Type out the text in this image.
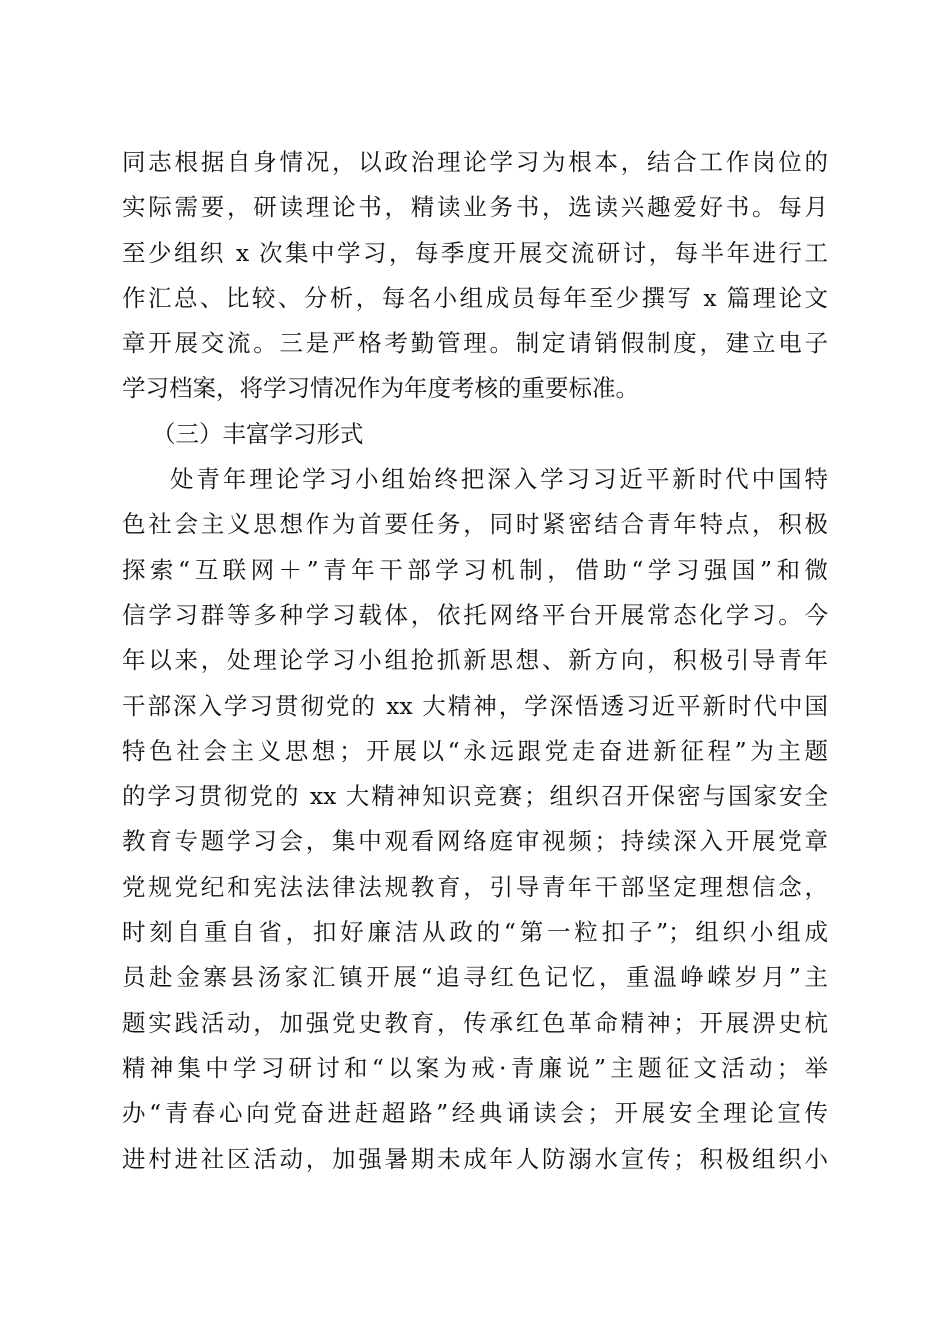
同志根据自身情况，以政治理论学习为根本，结合工作岗位的
实际需要，研读理论书，精读业务书，选读兴趣爱好书。每月
至少组织 x 次集中学习，每季度开展交流研讨，每半年进行工
作汇总、比较、分析，每名小组成员每年至少撰写 x 篇理论文
章开展交流。三是严格考勤管理。制定请销假制度，建立电子
学习档案，将学习情况作为年度考核的重要标准。
（三）丰富学习形式
处青年理论学习小组始终把深入学习习近平新时代中国特
色社会主义思想作为首要任务，同时紧密结合青年特点，积极
探索“互联网＋”青年干部学习机制，借助“学习强国”和微
信学习群等多种学习载体，依托网络平台开展常态化学习。今
年以来，处理论学习小组抢抓新思想、新方向，积极引导青年
干部深入学习贯彻党的 xx 大精神，学深悟透习近平新时代中国
特色社会主义思想；开展以“永远跟党走奋进新征程”为主题
的学习贯彻党的 xx 大精神知识竞赛；组织召开保密与国家安全
教育专题学习会，集中观看网络庭审视频；持续深入开展党章
党规党纪和宪法法律法规教育，引导青年干部坚定理想信念，
时刻自重自省，扣好廉洁从政的“第一粒扣子”；组织小组成
员赴金寨县汤家汇镇开展“追寻红色记忆，重温峥嵘岁月”主
题实践活动，加强党史教育，传承红色革命精神；开展淠史杭
精神集中学习研讨和“以案为戒·青廉说”主题征文活动；举
办“青春心向党奋进赶超路”经典诵读会；开展安全理论宣传
进村进社区活动，加强暑期未成年人防溺水宣传；积极组织小
